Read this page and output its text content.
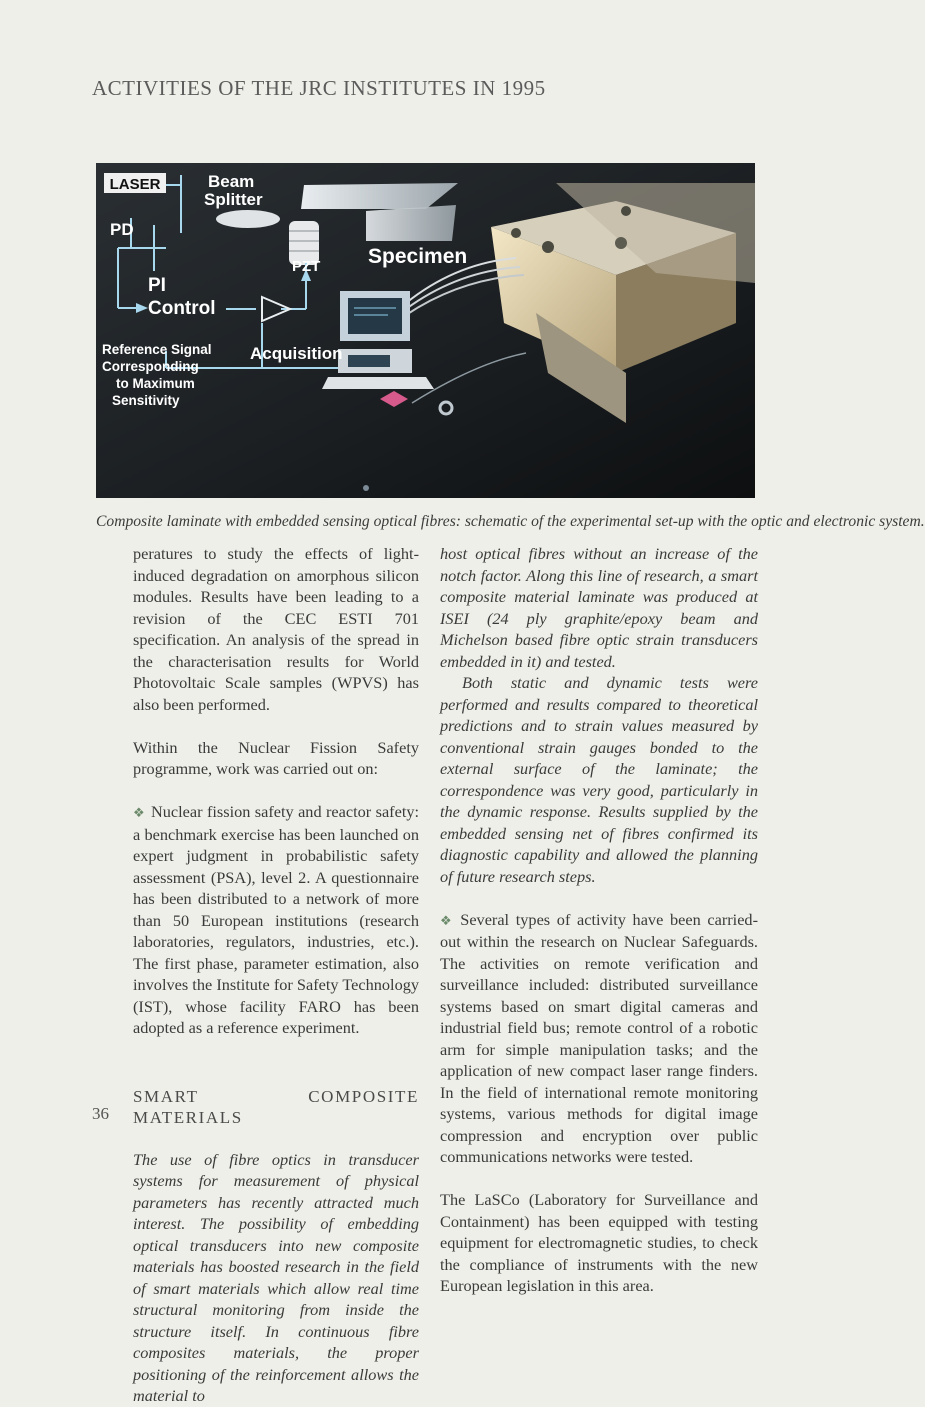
ACTIVITIES OF THE JRC INSTITUTES IN 1995
LASER	Beam
Splitter
PD
PZT Specimen
PI
Control
Reference Signal
Corresponding
to Maximum
Sensitivity
Acquisition
Composite laminate with embedded sensing optical fibres: schematic of the experimental set-up with the optic and electronic system.

peratures to study the effects of light-induced degradation on amorphous silicon modules. Results have been leading to a revision of the CEC ESTI 701 specification. An analysis of the spread in the characterisation results for World Photovoltaic Scale samples (WPVS) has also been performed.

Within the Nuclear Fission Safety programme, work was carried out on:

❖ Nuclear fission safety and reactor safety: a benchmark exercise has been launched on expert judgment in probabilistic safety assessment (PSA), level 2. A questionnaire has been distributed to a network of more than 50 European institutions (research laboratories, regulators, industries, etc.). The first phase, parameter estimation, also involves the Institute for Safety Technology (IST), whose facility FARO has been adopted as a reference experiment.

SMART COMPOSITE MATERIALS

The use of fibre optics in transducer systems for measurement of physical parameters has recently attracted much interest. The possibility of embedding optical transducers into new composite materials has boosted research in the field of smart materials which allow real time structural monitoring from inside the structure itself. In continuous fibre composites materials, the proper positioning of the reinforcement allows the material to

host optical fibres without an increase of the notch factor. Along this line of research, a smart composite material laminate was produced at ISEI (24 ply graphite/epoxy beam and Michelson based fibre optic strain transducers embedded in it) and tested.

Both static and dynamic tests were performed and results compared to theoretical predictions and to strain values measured by conventional strain gauges bonded to the external surface of the laminate; the correspondence was very good, particularly in the dynamic response. Results supplied by the embedded sensing net of fibres confirmed its diagnostic capability and allowed the planning of future research steps.

❖ Several types of activity have been carried-out within the research on Nuclear Safeguards. The activities on remote verification and surveillance included: distributed surveillance systems based on smart digital cameras and industrial field bus; remote control of a robotic arm for simple manipulation tasks; and the application of new compact laser range finders. In the field of international remote monitoring systems, various methods for digital image compression and encryption over public communications networks were tested.

The LaSCo (Laboratory for Surveillance and Containment) has been equipped with testing equipment for electromagnetic studies, to check the compliance of instruments with the new European legislation in this area.

36
